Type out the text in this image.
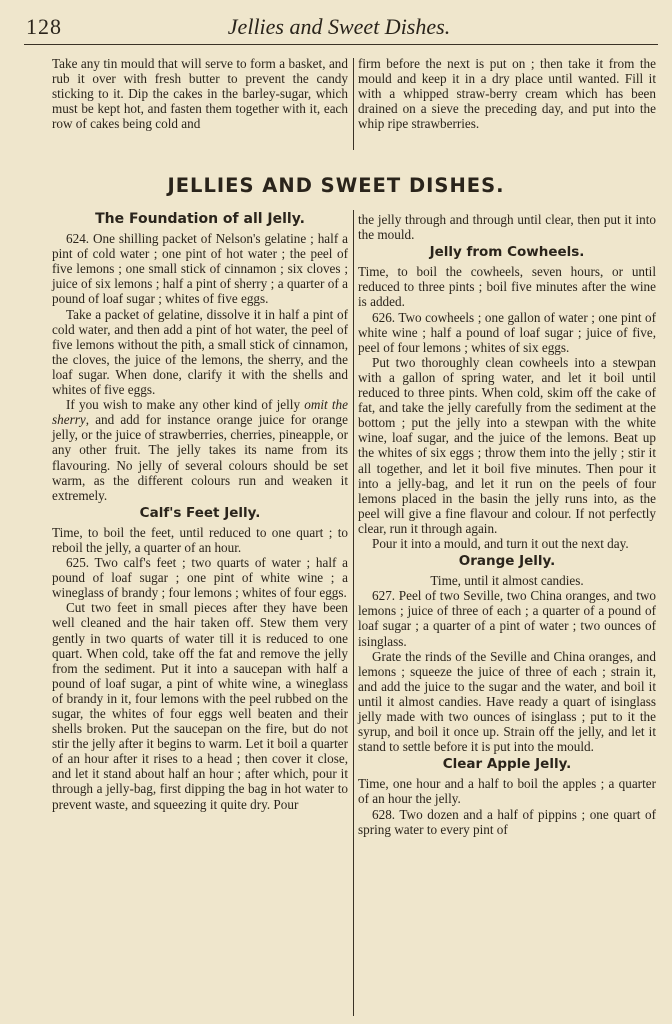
128	Jellies and Sweet Dishes.

Take any tin mould that will serve to form a basket, and rub it over with fresh butter to prevent the candy sticking to it. Dip the cakes in the barley-sugar, which must be kept hot, and fasten them together with it, each row of cakes being cold and

firm before the next is put on ; then take it from the mould and keep it in a dry place until wanted. Fill it with a whipped straw-berry cream which has been drained on a sieve the preceding day, and put into the whip ripe strawberries.

JELLIES AND SWEET DISHES.
The Foundation of all Jelly.

624. One shilling packet of Nelson's gelatine ; half a pint of cold water ; one pint of hot water ; the peel of five lemons ; one small stick of cinnamon ; six cloves ; juice of six lemons ; half a pint of sherry ; a quarter of a pound of loaf sugar ; whites of five eggs.

Take a packet of gelatine, dissolve it in half a pint of cold water, and then add a pint of hot water, the peel of five lemons without the pith, a small stick of cinnamon, the cloves, the juice of the lemons, the sherry, and the loaf sugar. When done, clarify it with the shells and whites of five eggs.

If you wish to make any other kind of jelly omit the sherry, and add for instance orange juice for orange jelly, or the juice of strawberries, cherries, pineapple, or any other fruit. The jelly takes its name from its flavouring. No jelly of several colours should be set warm, as the different colours run and weaken it extremely.

Calf's Feet Jelly.

Time, to boil the feet, until reduced to one quart ; to reboil the jelly, a quarter of an hour.

625. Two calf's feet ; two quarts of water ; half a pound of loaf sugar ; one pint of white wine ; a wineglass of brandy ; four lemons ; whites of four eggs.

Cut two feet in small pieces after they have been well cleaned and the hair taken off. Stew them very gently in two quarts of water till it is reduced to one quart. When cold, take off the fat and remove the jelly from the sediment. Put it into a saucepan with half a pound of loaf sugar, a pint of white wine, a wineglass of brandy in it, four lemons with the peel rubbed on the sugar, the whites of four eggs well beaten and their shells broken. Put the saucepan on the fire, but do not stir the jelly after it begins to warm. Let it boil a quarter of an hour after it rises to a head ; then cover it close, and let it stand about half an hour ; after which, pour it through a jelly-bag, first dipping the bag in hot water to prevent waste, and squeezing it quite dry. Pour

the jelly through and through until clear, then put it into the mould.

Jelly from Cowheels.

Time, to boil the cowheels, seven hours, or until reduced to three pints ; boil five minutes after the wine is added.

626. Two cowheels ; one gallon of water ; one pint of white wine ; half a pound of loaf sugar ; juice of five, peel of four lemons ; whites of six eggs.

Put two thoroughly clean cowheels into a stewpan with a gallon of spring water, and let it boil until reduced to three pints. When cold, skim off the cake of fat, and take the jelly carefully from the sediment at the bottom ; put the jelly into a stewpan with the white wine, loaf sugar, and the juice of the lemons. Beat up the whites of six eggs ; throw them into the jelly ; stir it all together, and let it boil five minutes. Then pour it into a jelly-bag, and let it run on the peels of four lemons placed in the basin the jelly runs into, as the peel will give a fine flavour and colour. If not perfectly clear, run it through again.

Pour it into a mould, and turn it out the next day.

Orange Jelly.

Time, until it almost candies.

627. Peel of two Seville, two China oranges, and two lemons ; juice of three of each ; a quarter of a pound of loaf sugar ; a quarter of a pint of water ; two ounces of isinglass.

Grate the rinds of the Seville and China oranges, and lemons ; squeeze the juice of three of each ; strain it, and add the juice to the sugar and the water, and boil it until it almost candies. Have ready a quart of isinglass jelly made with two ounces of isinglass ; put to it the syrup, and boil it once up. Strain off the jelly, and let it stand to settle before it is put into the mould.

Clear Apple Jelly.

Time, one hour and a half to boil the apples ; a quarter of an hour the jelly.

628. Two dozen and a half of pippins ; one quart of spring water to every pint of
